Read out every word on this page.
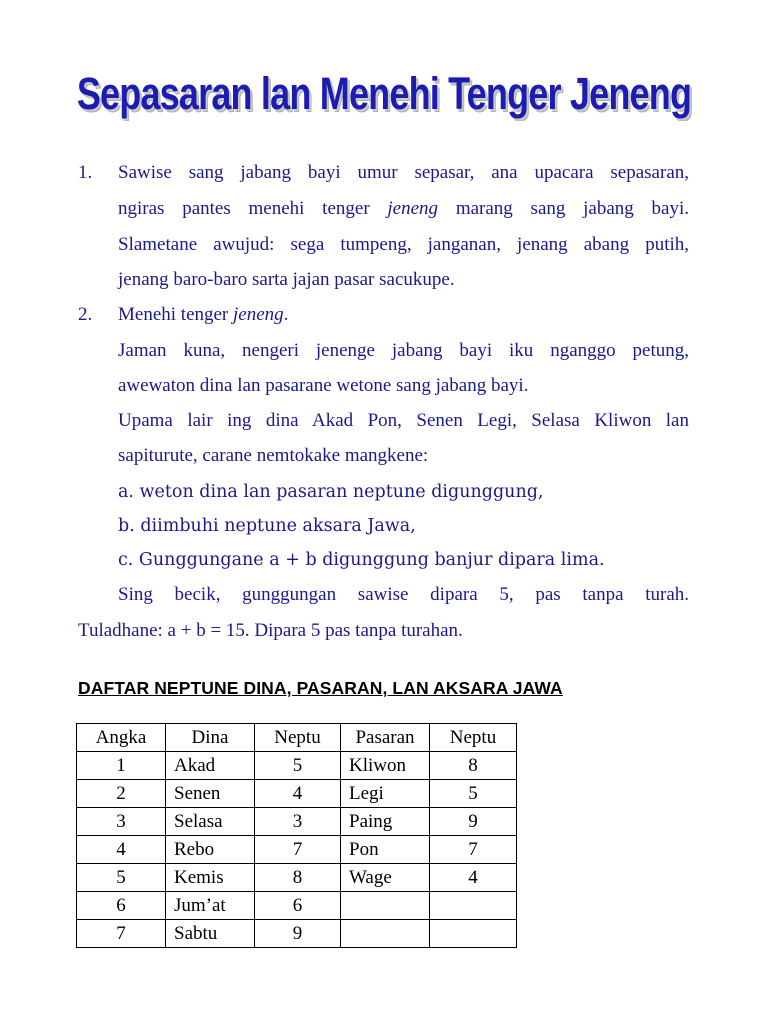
Sepasaran lan Menehi Tenger Jeneng
1. Sawise sang jabang bayi umur sepasar, ana upacara sepasaran,
ngiras pantes menehi tenger jeneng marang sang jabang bayi.
Slametane awujud: sega tumpeng, janganan, jenang abang putih,
jenang baro-baro sarta jajan pasar sacukupe.
2. Menehi tenger jeneng.
Jaman kuna, nengeri jenenge jabang bayi iku nganggo petung,
awewaton dina lan pasarane wetone sang jabang bayi.
Upama lair ing dina Akad Pon, Senen Legi, Selasa Kliwon lan
sapiturute, carane nemtokake mangkene:
a. weton dina lan pasaran neptune digunggung,
b. diimbuhi neptune aksara Jawa,
c. Gunggungane a + b digunggung banjur dipara lima.
Sing becik, gunggungan sawise dipara 5, pas tanpa turah.
Tuladhane: a + b = 15. Dipara 5 pas tanpa turahan.
DAFTAR NEPTUNE DINA, PASARAN, LAN AKSARA JAWA
Angka	Dina	Neptu	Pasaran	Neptu
1	Akad	5	Kliwon	8
2	Senen	4	Legi	5
3	Selasa	3	Paing	9
4	Rebo	7	Pon	7
5	Kemis	8	Wage	4
6	Jum’at	6		
7	Sabtu	9		
